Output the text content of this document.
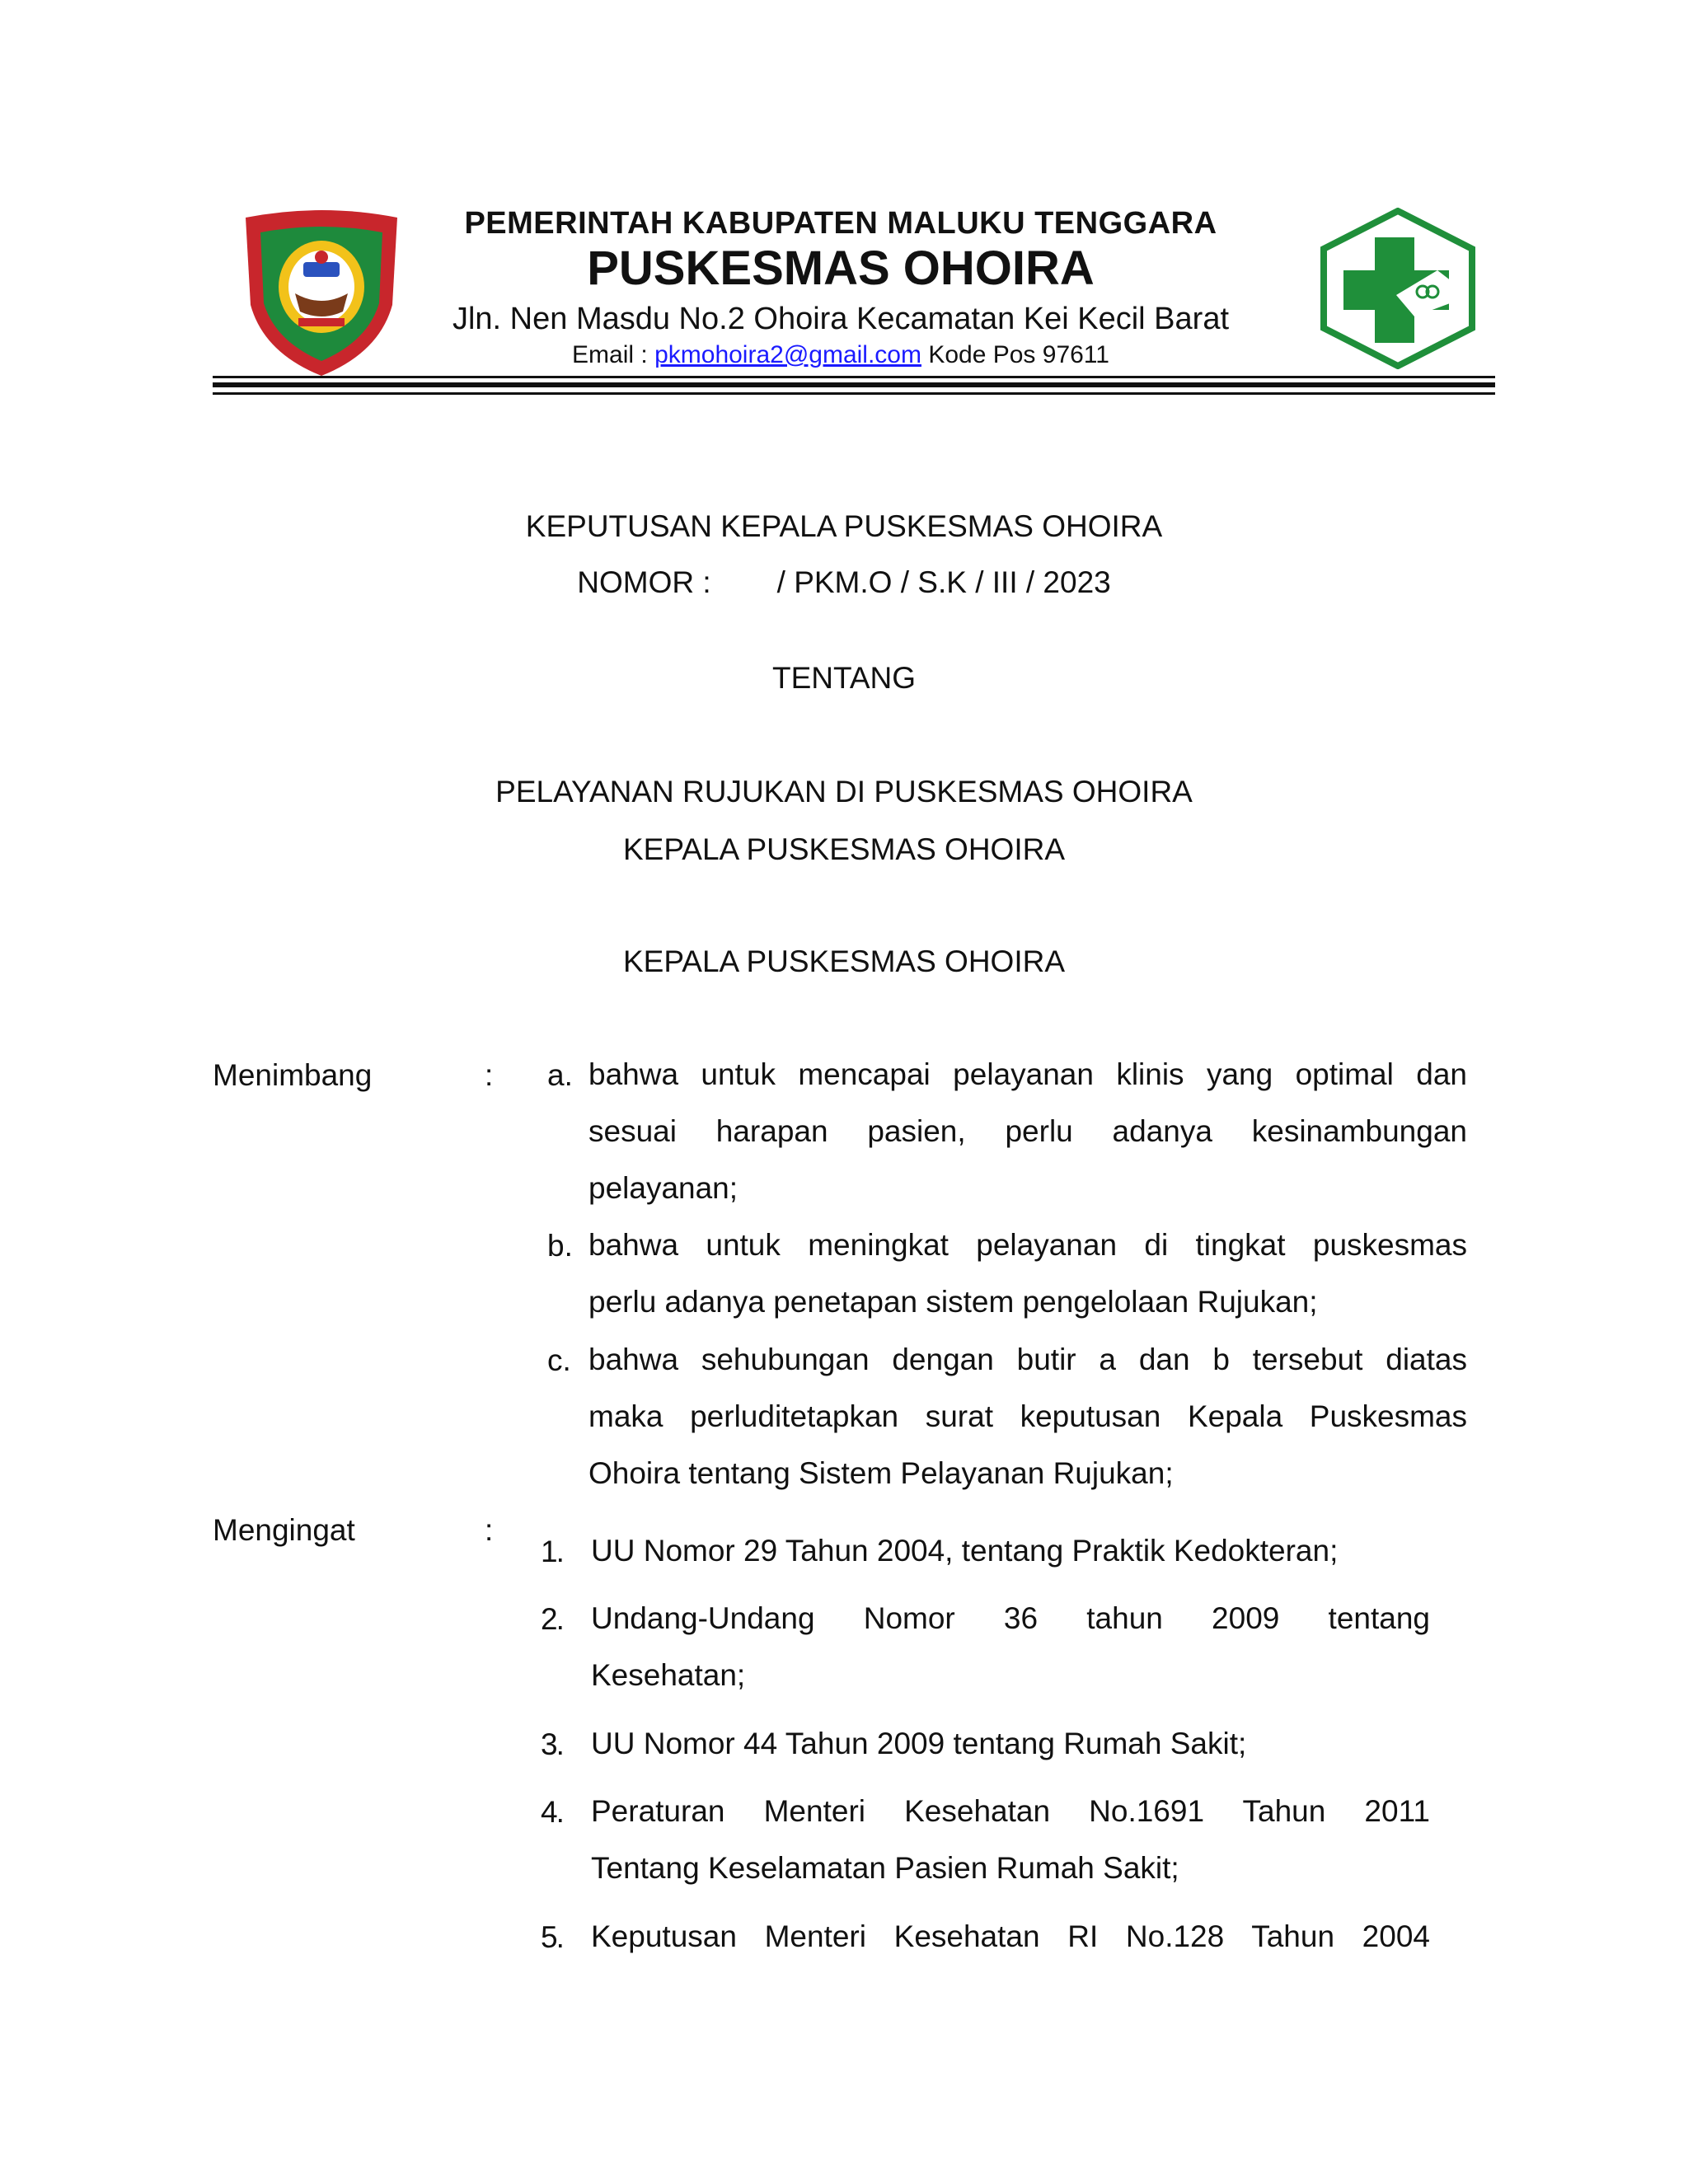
PEMERINTAH KABUPATEN MALUKU TENGGARA
PUSKESMAS OHOIRA
Jln. Nen Masdu No.2 Ohoira Kecamatan Kei Kecil Barat
Email : pkmohoira2@gmail.com Kode Pos 97611
KEPUTUSAN KEPALA PUSKESMAS OHOIRA
NOMOR : / PKM.O / S.K / III / 2023
TENTANG
PELAYANAN RUJUKAN DI PUSKESMAS OHOIRA
KEPALA PUSKESMAS OHOIRA
KEPALA PUSKESMAS OHOIRA
Menimbang	: a. bahwa untuk mencapai pelayanan klinis yang optimal dan
sesuai harapan pasien, perlu adanya kesinambungan
pelayanan;
b. bahwa untuk meningkat pelayanan di tingkat puskesmas
perlu adanya penetapan sistem pengelolaan Rujukan;
c. bahwa sehubungan dengan butir a dan b tersebut diatas
maka perluditetapkan surat keputusan Kepala Puskesmas
Ohoira tentang Sistem Pelayanan Rujukan;
Mengingat	:
1. UU Nomor 29 Tahun 2004, tentang Praktik Kedokteran;
2. Undang-Undang Nomor 36 tahun 2009 tentang
Kesehatan;
3. UU Nomor 44 Tahun 2009 tentang Rumah Sakit;
4. Peraturan Menteri Kesehatan No.1691 Tahun 2011
Tentang Keselamatan Pasien Rumah Sakit;
5. Keputusan Menteri Kesehatan RI No.128 Tahun 2004
